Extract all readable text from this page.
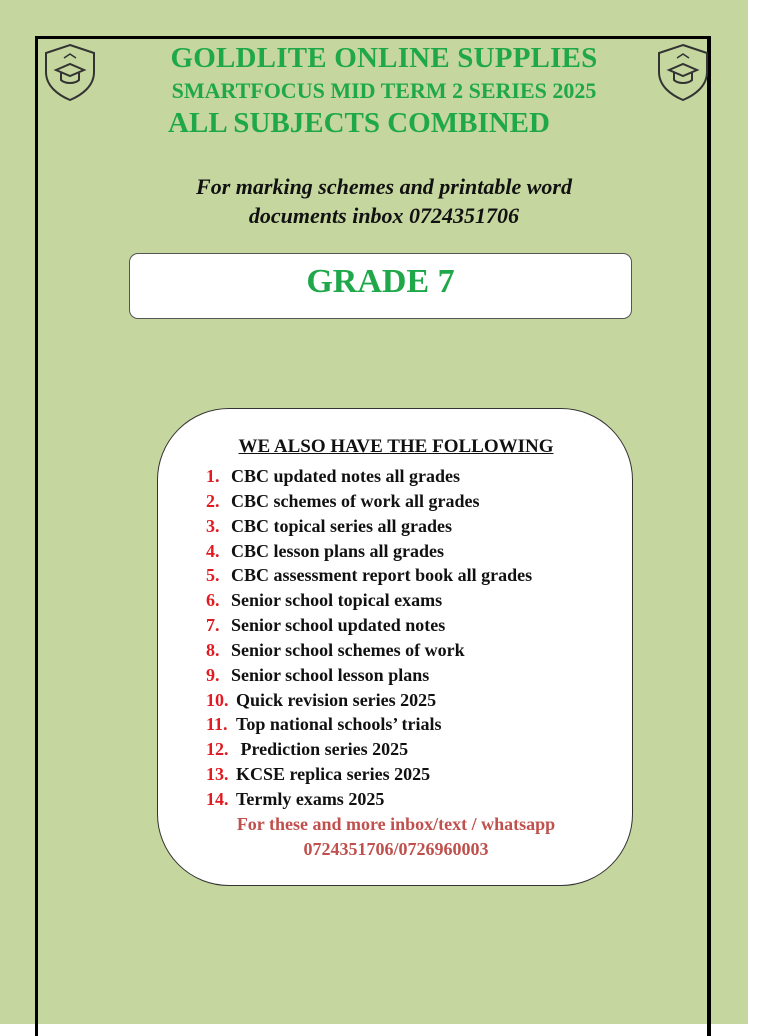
GOLDLITE ONLINE SUPPLIES
SMARTFOCUS MID TERM 2 SERIES 2025
ALL SUBJECTS COMBINED
For marking schemes and printable word
documents inbox 0724351706
GRADE 7
WE ALSO HAVE THE FOLLOWING
1. CBC updated notes all grades
2. CBC schemes of work all grades
3. CBC topical series all grades
4. CBC lesson plans all grades
5. CBC assessment report book all grades
6. Senior school topical exams
7. Senior school updated notes
8. Senior school schemes of work
9. Senior school lesson plans
10. Quick revision series 2025
11. Top national schools’ trials
12. Prediction series 2025
13. KCSE replica series 2025
14. Termly exams 2025
For these and more inbox/text / whatsapp
0724351706/0726960003
